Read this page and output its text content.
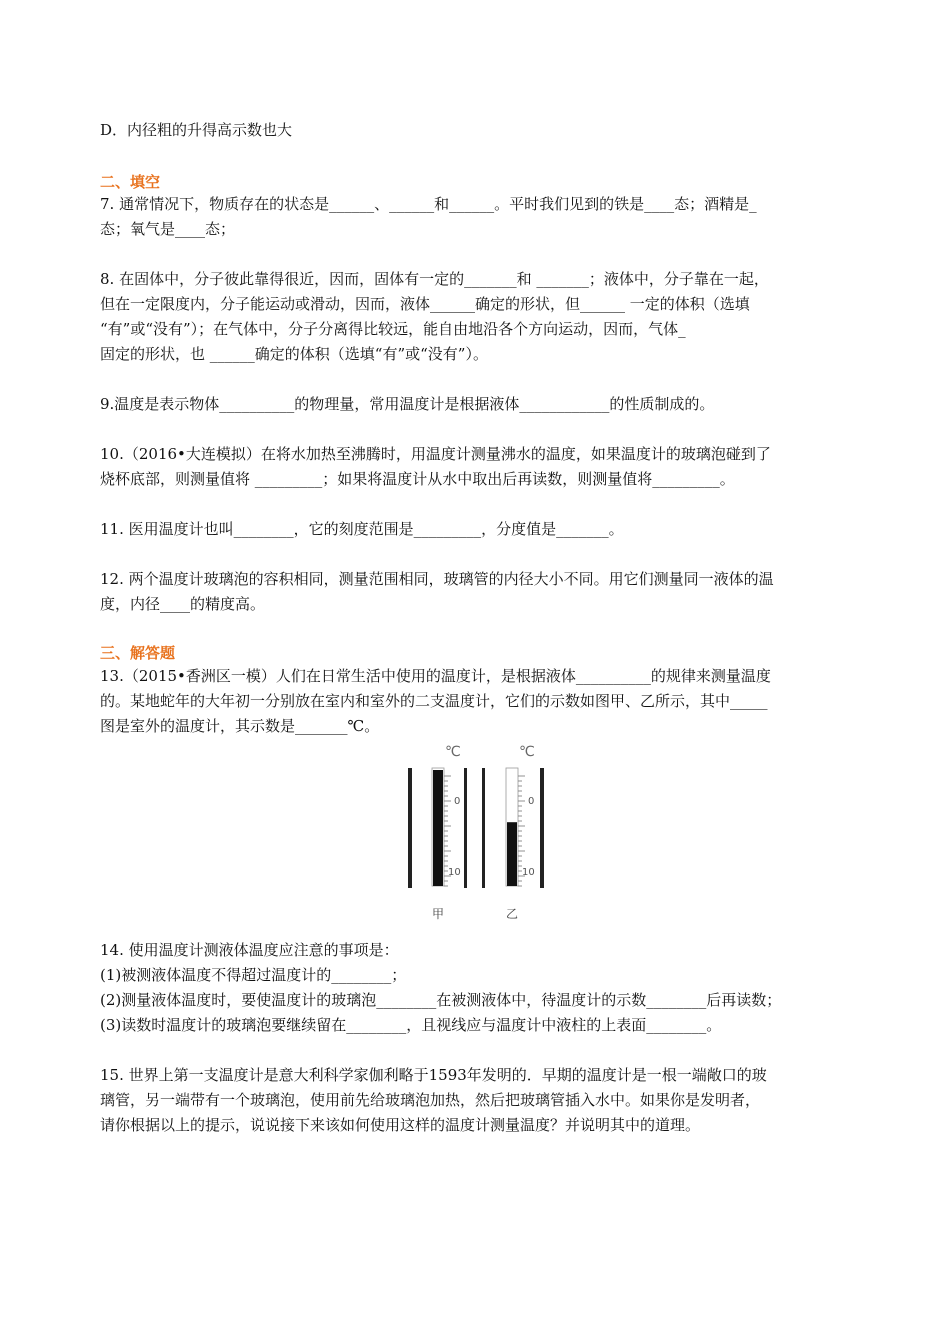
D．内径粗的升得高示数也大
二、填空
7. 通常情况下，物质存在的状态是______、______和______。平时我们见到的铁是____态；酒精是_
态；氧气是____态；
8. 在固体中，分子彼此靠得很近，因而，固体有一定的_______和 _______；液体中，分子靠在一起，
但在一定限度内，分子能运动或滑动，因而，液体______确定的形状，但______ 一定的体积（选填
“有”或“没有”）；在气体中，分子分离得比较远，能自由地沿各个方向运动，因而，气体_
固定的形状，也 ______确定的体积（选填“有”或“没有”）。
9.温度是表示物体__________的物理量，常用温度计是根据液体____________的性质制成的。
10.（2016•大连模拟）在将水加热至沸腾时，用温度计测量沸水的温度，如果温度计的玻璃泡碰到了
烧杯底部，则测量值将 _________；如果将温度计从水中取出后再读数，则测量值将_________。
11. 医用温度计也叫________，它的刻度范围是_________，分度值是_______。
12. 两个温度计玻璃泡的容积相同，测量范围相同，玻璃管的内径大小不同。用它们测量同一液体的温
度，内径____的精度高。
三、解答题
13.（2015•香洲区一模）人们在日常生活中使用的温度计，是根据液体__________的规律来测量温度
的。某地蛇年的大年初一分别放在室内和室外的二支温度计，它们的示数如图甲、乙所示，其中_____
图是室外的温度计，其示数是_______℃。
℃
0
10
甲
℃
0
10
乙
14. 使用温度计测液体温度应注意的事项是：
(1)被测液体温度不得超过温度计的________；
(2)测量液体温度时，要使温度计的玻璃泡________在被测液体中，待温度计的示数________后再读数；
(3)读数时温度计的玻璃泡要继续留在________，且视线应与温度计中液柱的上表面________。
15. 世界上第一支温度计是意大利科学家伽利略于1593年发明的．早期的温度计是一根一端敞口的玻
璃管，另一端带有一个玻璃泡，使用前先给玻璃泡加热，然后把玻璃管插入水中。如果你是发明者，
请你根据以上的提示，说说接下来该如何使用这样的温度计测量温度？并说明其中的道理。
